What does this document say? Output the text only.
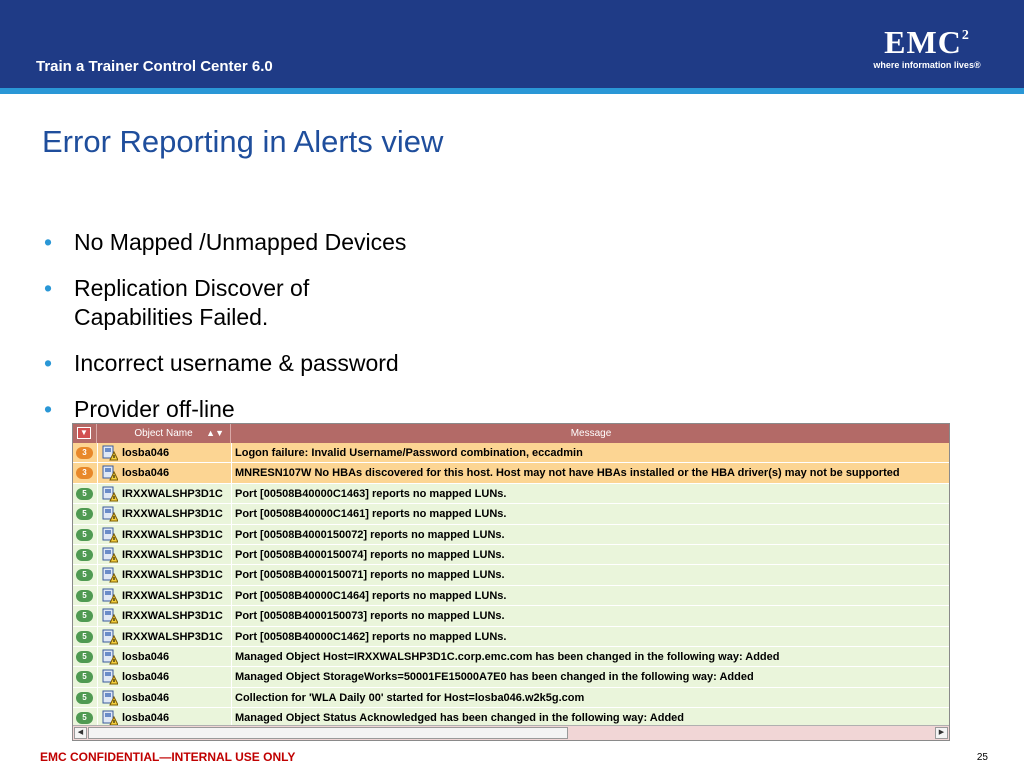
Train a Trainer Control Center 6.0
EMC$^2$
where information lives®
Error Reporting in Alerts view
• No Mapped /Unmapped Devices
• Replication Discover of
Capabilities Failed.
• Incorrect username & password
• Provider off-line
▼	Object Name ▲▼	Message
3	losba046	Logon failure: Invalid Username/Password combination, eccadmin
3	losba046	MNRESN107W No HBAs discovered for this host. Host may not have HBAs installed or the HBA driver(s) may not be supported
5	IRXXWALSHP3D1C	Port [00508B40000C1463] reports no mapped LUNs.
5	IRXXWALSHP3D1C	Port [00508B40000C1461] reports no mapped LUNs.
5	IRXXWALSHP3D1C	Port [00508B4000150072] reports no mapped LUNs.
5	IRXXWALSHP3D1C	Port [00508B4000150074] reports no mapped LUNs.
5	IRXXWALSHP3D1C	Port [00508B4000150071] reports no mapped LUNs.
5	IRXXWALSHP3D1C	Port [00508B40000C1464] reports no mapped LUNs.
5	IRXXWALSHP3D1C	Port [00508B4000150073] reports no mapped LUNs.
5	IRXXWALSHP3D1C	Port [00508B40000C1462] reports no mapped LUNs.
5	losba046	Managed Object Host=IRXXWALSHP3D1C.corp.emc.com has been changed in the following way: Added
5	losba046	Managed Object StorageWorks=50001FE15000A7E0 has been changed in the following way: Added
5	losba046	Collection for 'WLA Daily 00' started for Host=losba046.w2k5g.com
5	losba046	Managed Object Status Acknowledged has been changed in the following way: Added
◀	▶
EMC CONFIDENTIAL—INTERNAL USE ONLY	25
